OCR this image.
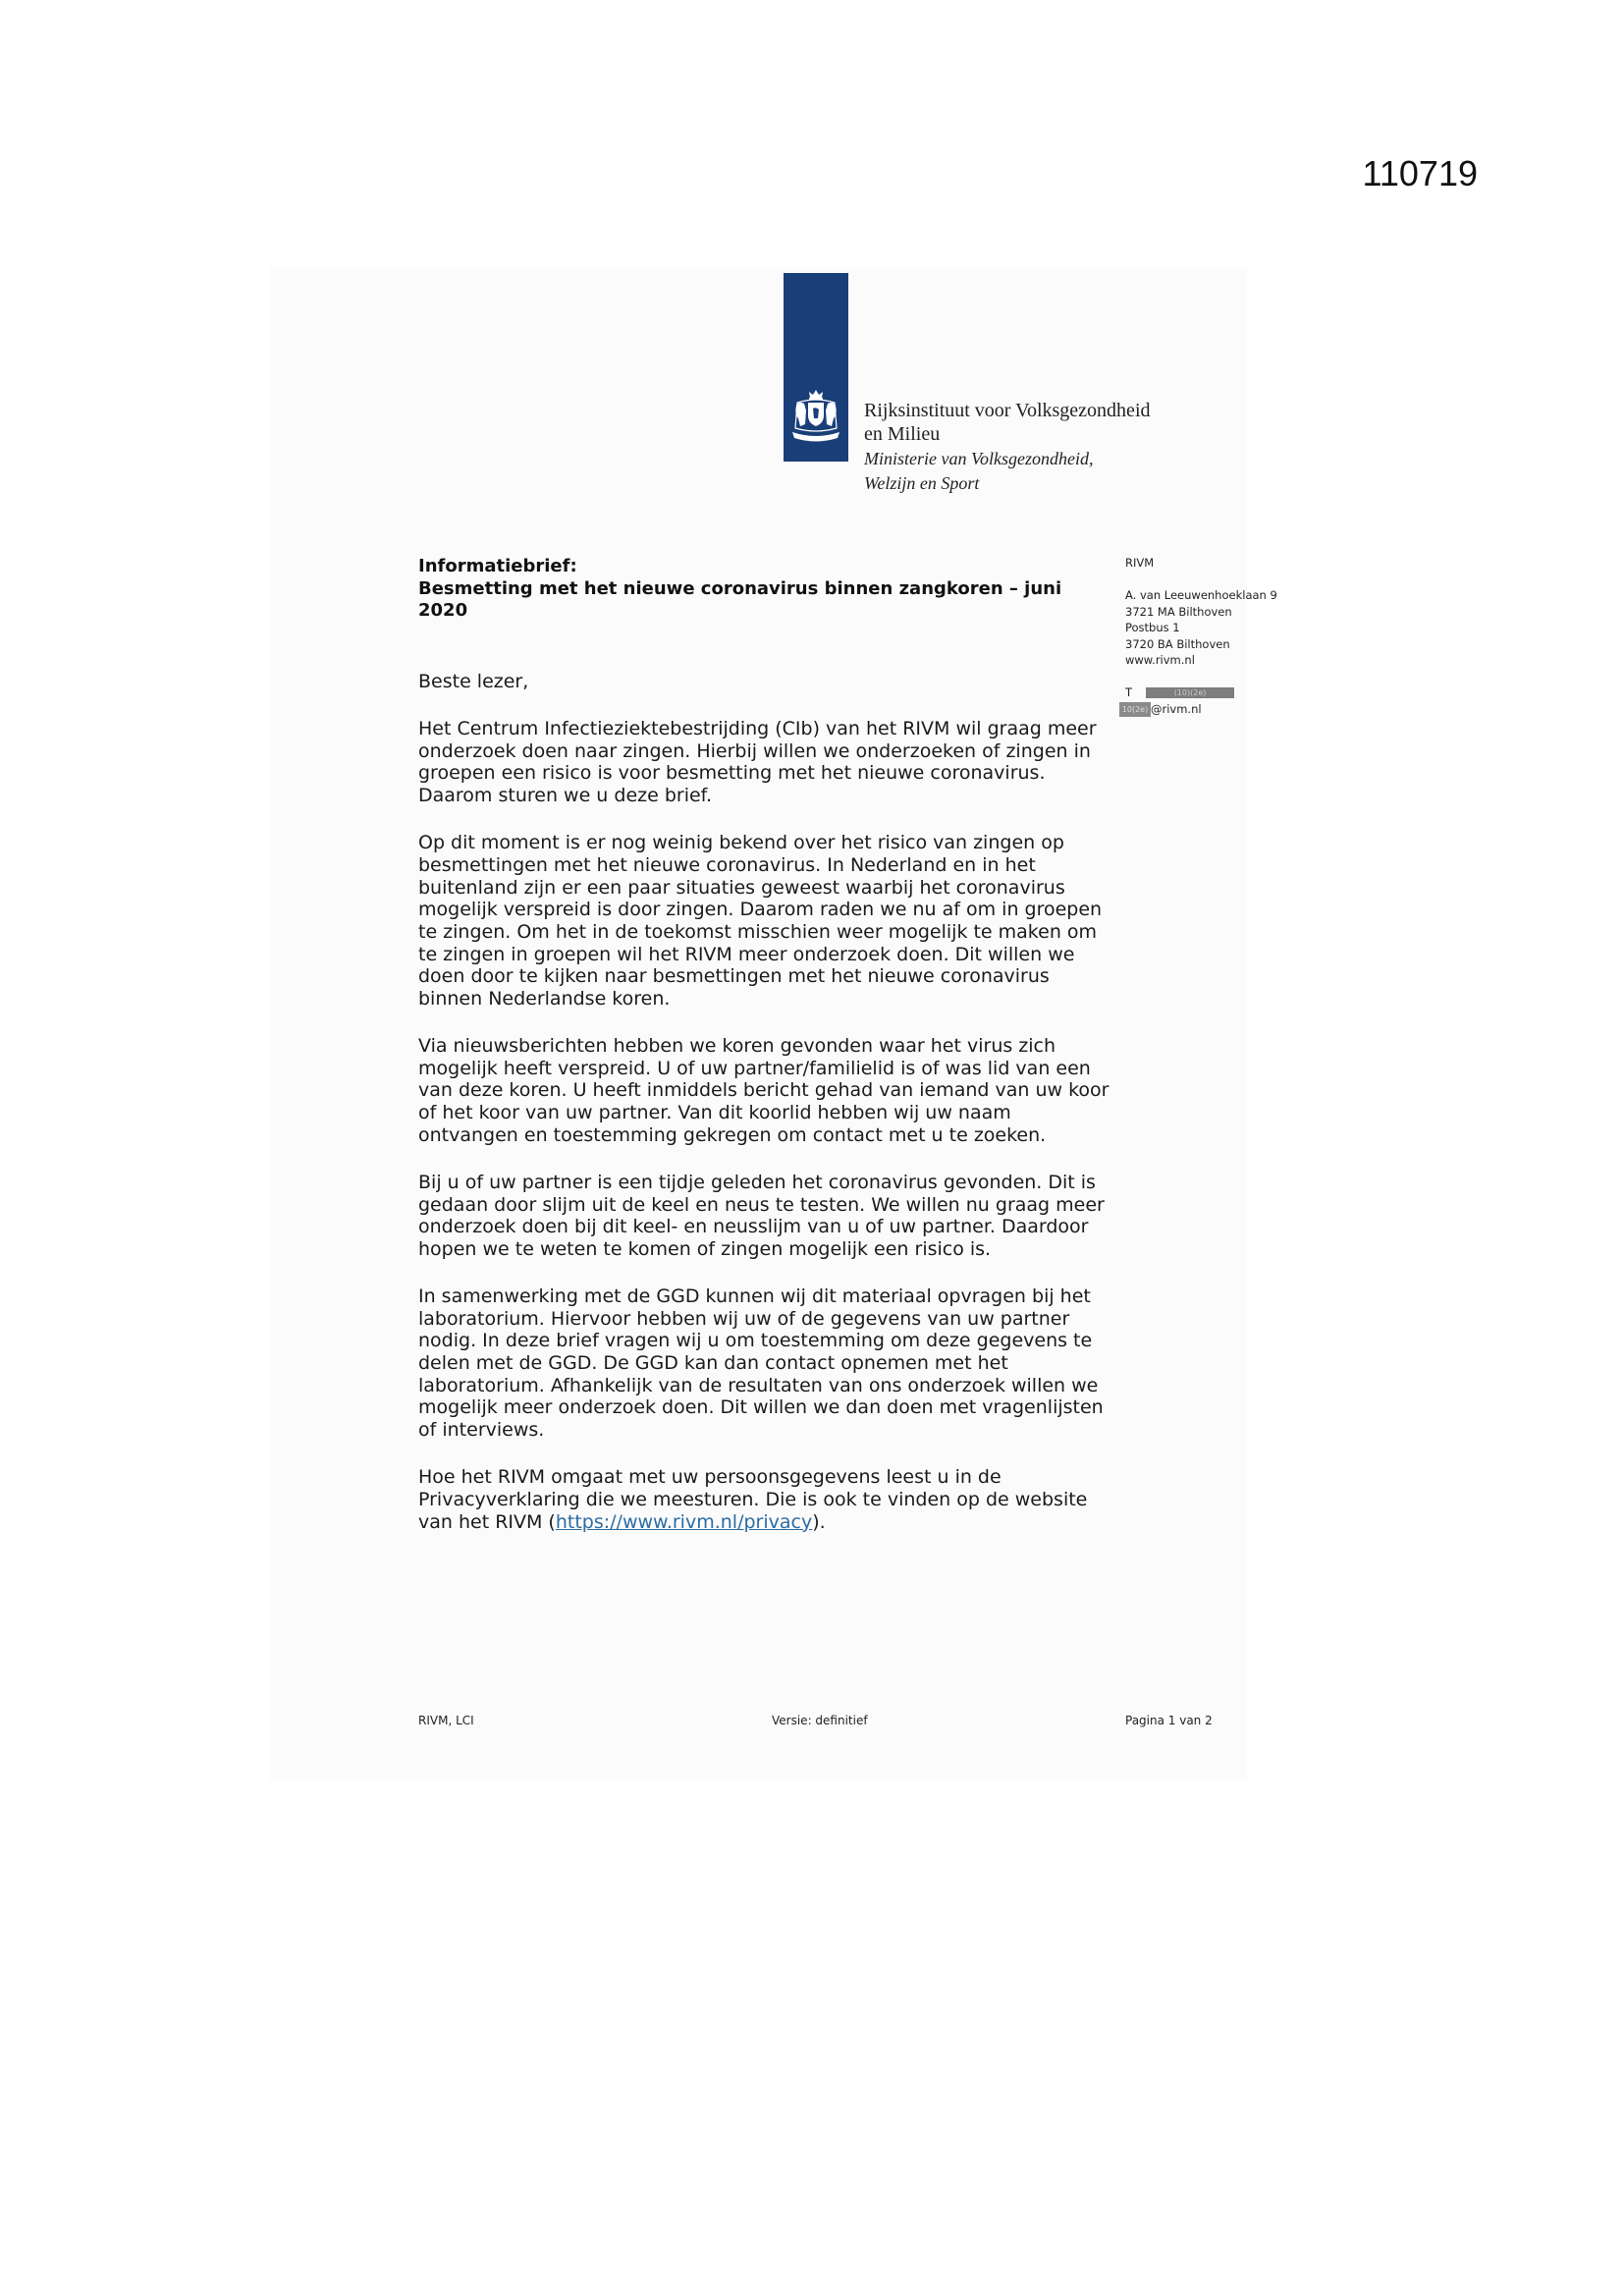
110719
Rijksinstituut voor Volksgezondheid
en Milieu
Ministerie van Volksgezondheid,
Welzijn en Sport
Informatiebrief:
Besmetting met het nieuwe coronavirus binnen zangkoren – juni
2020
RIVM
A. van Leeuwenhoeklaan 9
3721 MA Bilthoven
Postbus 1
3720 BA Bilthoven
www.rivm.nl
T	(10)(2e)
10(2e) @rivm.nl

Beste lezer,

Het Centrum Infectieziektebestrijding (CIb) van het RIVM wil graag meer
onderzoek doen naar zingen. Hierbij willen we onderzoeken of zingen in
groepen een risico is voor besmetting met het nieuwe coronavirus.
Daarom sturen we u deze brief.

Op dit moment is er nog weinig bekend over het risico van zingen op
besmettingen met het nieuwe coronavirus. In Nederland en in het
buitenland zijn er een paar situaties geweest waarbij het coronavirus
mogelijk verspreid is door zingen. Daarom raden we nu af om in groepen
te zingen. Om het in de toekomst misschien weer mogelijk te maken om
te zingen in groepen wil het RIVM meer onderzoek doen. Dit willen we
doen door te kijken naar besmettingen met het nieuwe coronavirus
binnen Nederlandse koren.

Via nieuwsberichten hebben we koren gevonden waar het virus zich
mogelijk heeft verspreid. U of uw partner/familielid is of was lid van een
van deze koren. U heeft inmiddels bericht gehad van iemand van uw koor
of het koor van uw partner. Van dit koorlid hebben wij uw naam
ontvangen en toestemming gekregen om contact met u te zoeken.

Bij u of uw partner is een tijdje geleden het coronavirus gevonden. Dit is
gedaan door slijm uit de keel en neus te testen. We willen nu graag meer
onderzoek doen bij dit keel- en neusslijm van u of uw partner. Daardoor
hopen we te weten te komen of zingen mogelijk een risico is.

In samenwerking met de GGD kunnen wij dit materiaal opvragen bij het
laboratorium. Hiervoor hebben wij uw of de gegevens van uw partner
nodig. In deze brief vragen wij u om toestemming om deze gegevens te
delen met de GGD. De GGD kan dan contact opnemen met het
laboratorium. Afhankelijk van de resultaten van ons onderzoek willen we
mogelijk meer onderzoek doen. Dit willen we dan doen met vragenlijsten
of interviews.

Hoe het RIVM omgaat met uw persoonsgegevens leest u in de
Privacyverklaring die we meesturen. Die is ook te vinden op de website
van het RIVM (https://www.rivm.nl/privacy).

RIVM, LCI	Versie: definitief	Pagina 1 van 2
